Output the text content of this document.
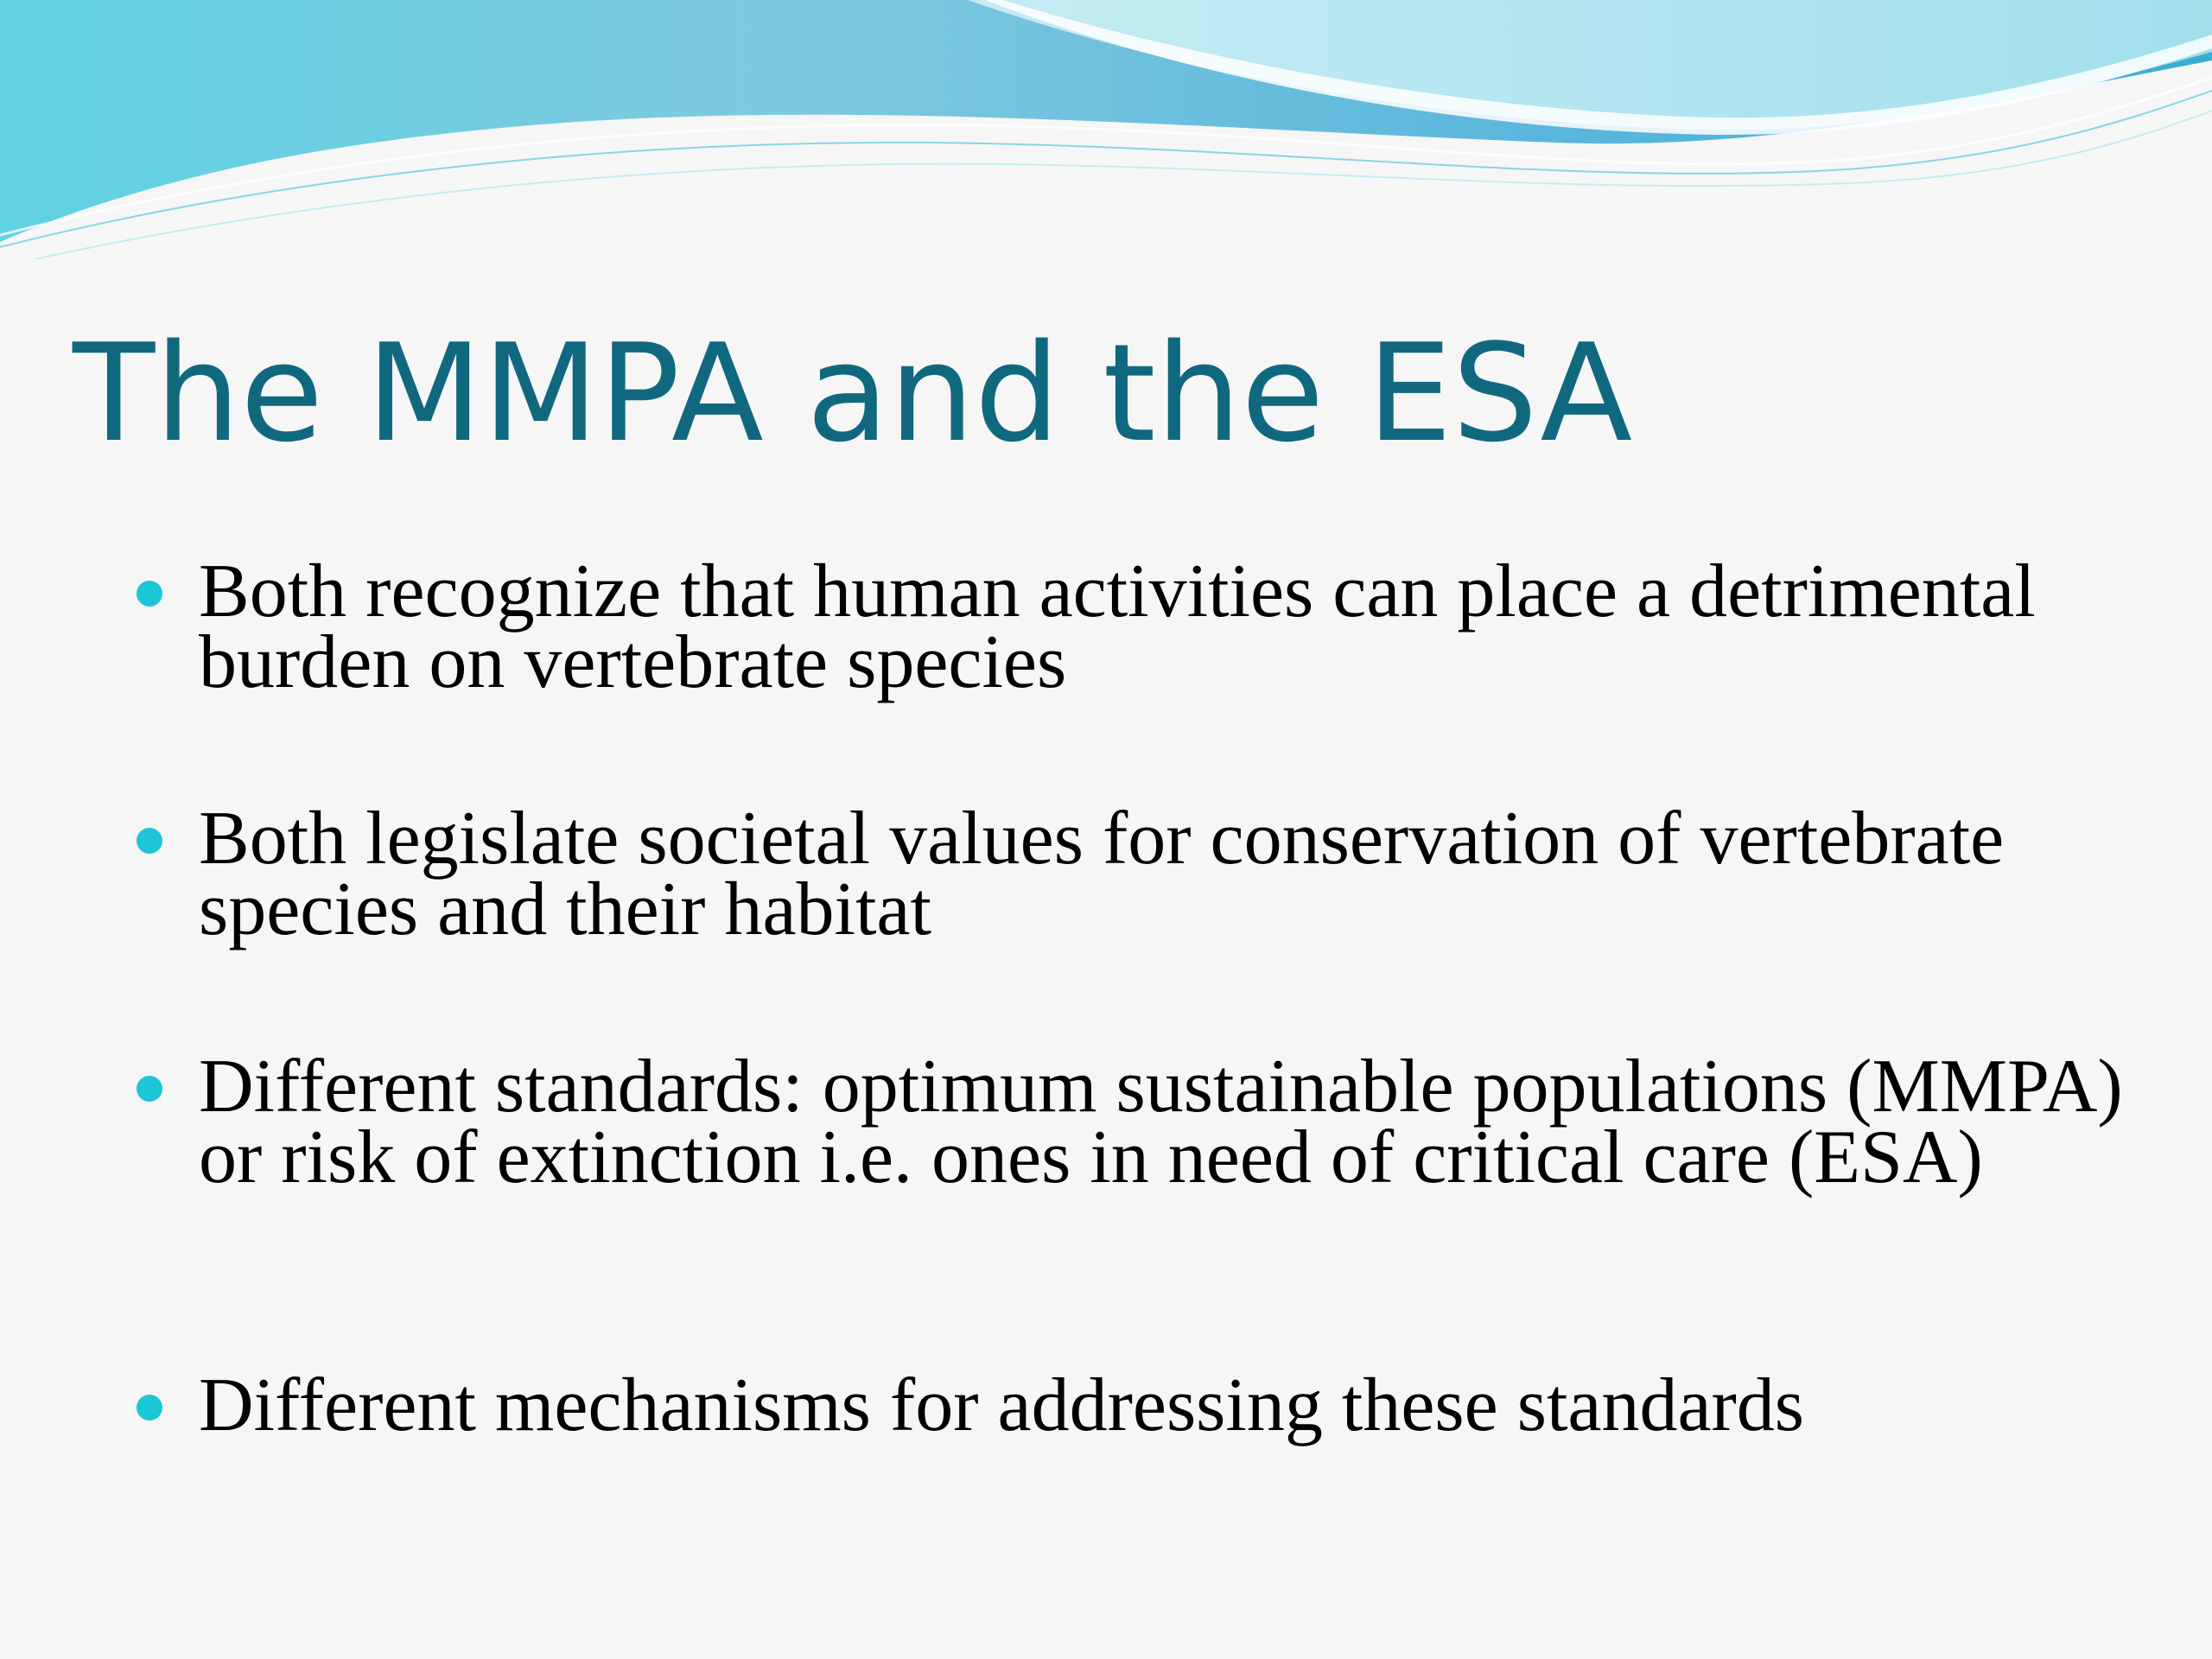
The MMPA and the ESA
Both recognize that human activities can place a detrimental burden on vertebrate species
Both legislate societal values for conservation of vertebrate species and their habitat
Different standards: optimum sustainable populations (MMPA) or risk of extinction i.e. ones in need of critical care (ESA)
Different mechanisms for addressing these standards
